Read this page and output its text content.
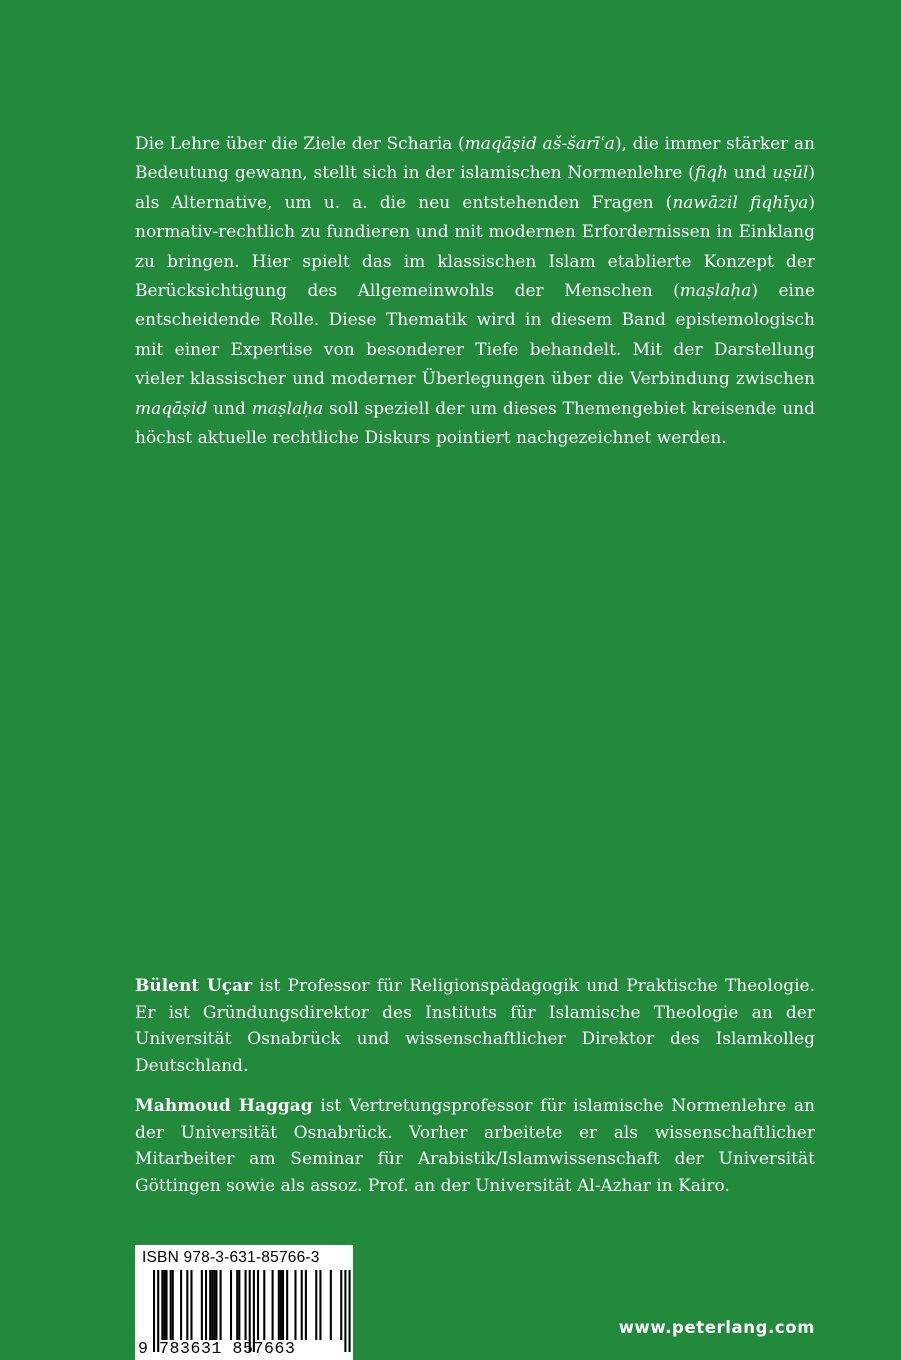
Die Lehre über die Ziele der Scharia (maqāṣid aš-šarīʿa), die immer stärker an Bedeutung gewann, stellt sich in der islamischen Normenlehre (fiqh und uṣūl) als Alternative, um u. a. die neu entstehenden Fragen (nawāzil fiqhīya) normativ-rechtlich zu fundieren und mit modernen Erfordernissen in Einklang zu bringen. Hier spielt das im klassischen Islam etablierte Konzept der Berücksichtigung des Allgemeinwohls der Menschen (maṣlaḥa) eine entscheidende Rolle. Diese Thematik wird in diesem Band epistemologisch mit einer Expertise von besonderer Tiefe behandelt. Mit der Darstellung vieler klassischer und moderner Überlegungen über die Verbindung zwischen maqāṣid und maṣlaḥa soll speziell der um dieses Themengebiet kreisende und höchst aktuelle rechtliche Diskurs pointiert nachgezeichnet werden.

Bülent Uçar ist Professor für Religionspädagogik und Praktische Theologie. Er ist Gründungsdirektor des Instituts für Islamische Theologie an der Universität Osnabrück und wissenschaftlicher Direktor des Islamkolleg Deutschland.

Mahmoud Haggag ist Vertretungsprofessor für islamische Normenlehre an der Universität Osnabrück. Vorher arbeitete er als wissenschaftlicher Mitarbeiter am Seminar für Arabistik/Islamwissenschaft der Universität Göttingen sowie als assoz. Prof. an der Universität Al-Azhar in Kairo.

ISBN 978-3-631-85766-3
9 783631 857663
www.peterlang.com
